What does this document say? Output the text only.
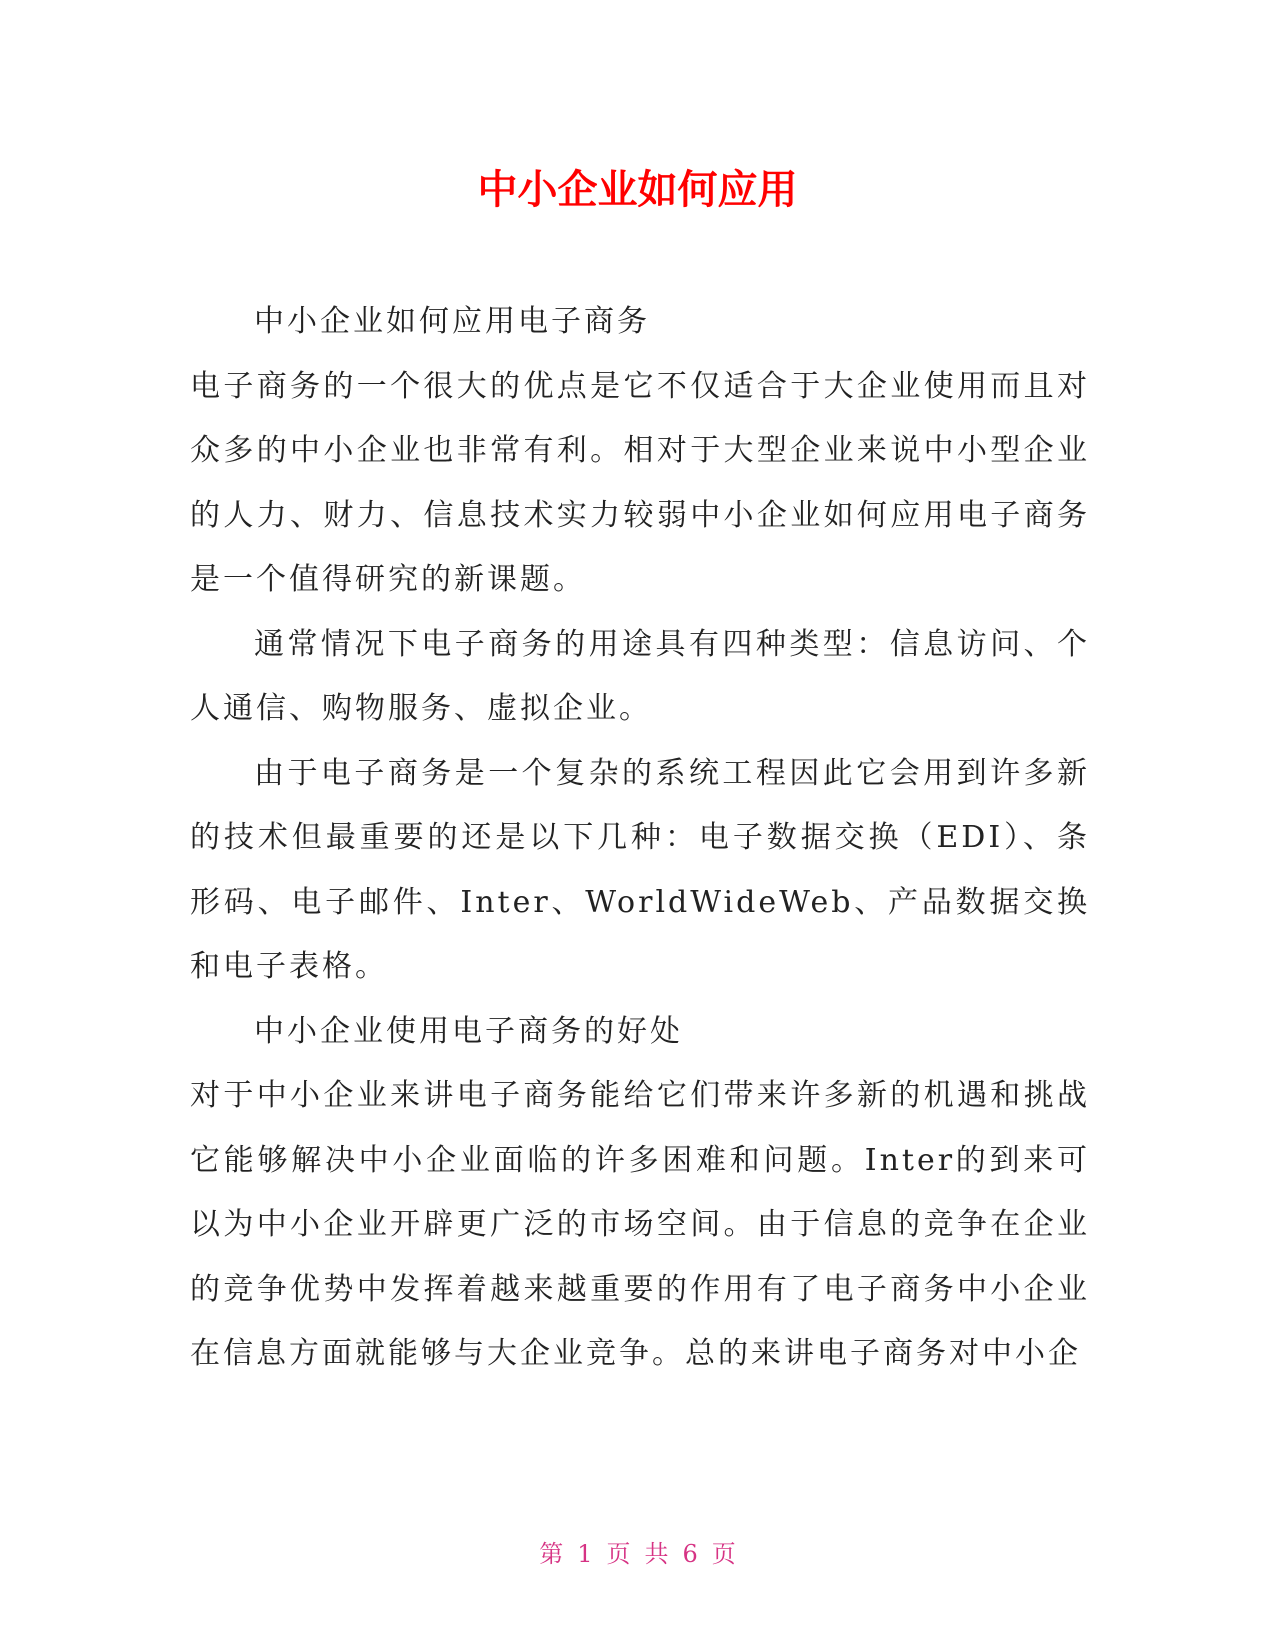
中小企业如何应用

中小企业如何应用电子商务

电子商务的一个很大的优点是它不仅适合于大企业使用而且对众多的中小企业也非常有利。相对于大型企业来说中小型企业的人力、财力、信息技术实力较弱中小企业如何应用电子商务是一个值得研究的新课题。

通常情况下电子商务的用途具有四种类型：信息访问、个人通信、购物服务、虚拟企业。

由于电子商务是一个复杂的系统工程因此它会用到许多新的技术但最重要的还是以下几种：电子数据交换（EDI）、条形码、电子邮件、Inter、WorldWideWeb、产品数据交换和电子表格。

中小企业使用电子商务的好处

对于中小企业来讲电子商务能给它们带来许多新的机遇和挑战它能够解决中小企业面临的许多困难和问题。Inter的到来可以为中小企业开辟更广泛的市场空间。由于信息的竞争在企业的竞争优势中发挥着越来越重要的作用有了电子商务中小企业在信息方面就能够与大企业竞争。总的来讲电子商务对中小企

第 1 页 共 6 页
